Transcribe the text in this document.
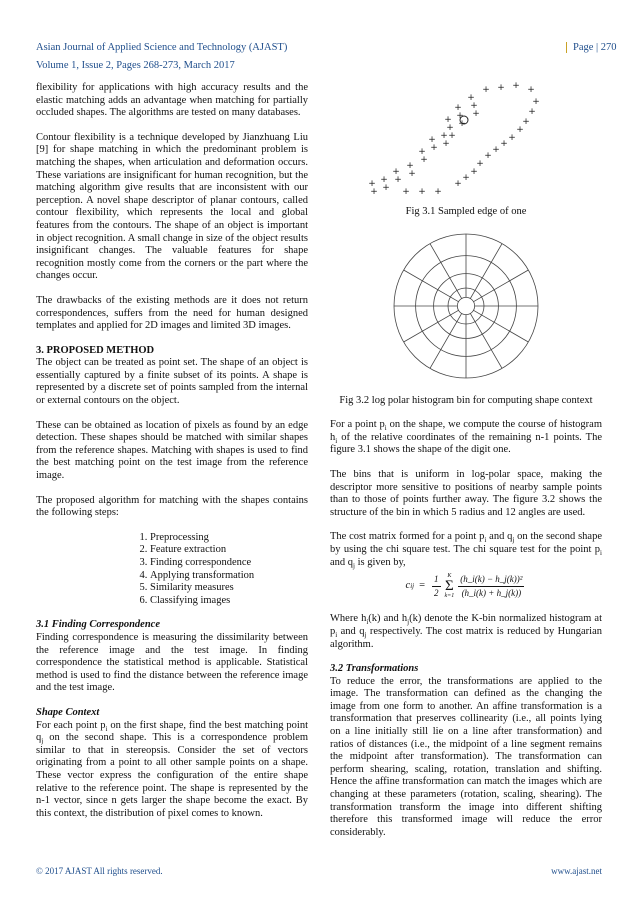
Asian Journal of Applied Science and Technology (AJAST)
Volume 1, Issue 2, Pages 268-273, March 2017
Page | 270

flexibility for applications with high accuracy results and the elastic matching adds an advantage when matching for partially occluded shapes. The algorithms are tested on many databases.

Contour flexibility is a technique developed by Jianzhuang Liu [9] for shape matching in which the predominant problem is matching the shapes, when articulation and deformation occurs. These variations are insignificant for human recognition, but the matching algorithm give results that are inconsistent with our perception. A novel shape descriptor of planar contours, called contour flexibility, which represents the local and global features from the contours. The shape of an object is important in object recognition. A small change in size of the object results insignificant changes. The valuable features for shape recognition mostly come from the corners or the part where the changes occur.

The drawbacks of the existing methods are it does not return correspondences, suffers from the need for human designed templates and applied for 2D images and limited 3D images.

3. PROPOSED METHOD

The object can be treated as point set. The shape of an object is essentially captured by a finite subset of its points. A shape is represented by a discrete set of points sampled from the internal or external contours on the object.

These can be obtained as location of pixels as found by an edge detection. These shapes should be matched with similar shapes from the reference shapes. Matching with shapes is used to find the best matching point on the test image from the reference image.

The proposed algorithm for matching with the shapes contains the following steps:

1. Preprocessing
2. Feature extraction
3. Finding correspondence
4. Applying transformation
5. Similarity measures
6. Classifying images

3.1 Finding Correspondence

Finding correspondence is measuring the dissimilarity between the reference image and the test image. In finding correspondence the statistical method is applicable. Statistical method is used to find the distance between the reference image and the test image.

Shape Context

For each point $p_i$ on the first shape, find the best matching point $q_j$ on the second shape. This is a correspondence problem similar to that in stereopsis. Consider the set of vectors originating from a point to all other sample points on a shape. These vector express the configuration of the entire shape relative to the reference point. The shape is represented by the n-1 vector, since n gets larger the shape become the exact. By this context, the distribution of pixel comes to known.

+ + + +
+
+
+
+
+
+
+
+
+
+
+
+
+
+
+
+
+
+
+
+
+
+
+	+
+
+
+
+
+
+
+
+
+
+
+	+ + +

Fig 3.1 Sampled edge of one

Fig 3.2 log polar histogram bin for computing shape context

For a point $p_i$ on the shape, we compute the course of histogram $h_i$ of the relative coordinates of the remaining n-1 points. The figure 3.1 shows the shape of the digit one.

The bins that is uniform in log-polar space, making the descriptor more sensitive to positions of nearby sample points than to those of points further away. The figure 3.2 shows the structure of the bin in which 5 radius and 12 angles are used.

The cost matrix formed for a point $p_i$ and $q_j$ on the second shape by using the chi square test. The chi square test for the point $p_i$ and $q_j$ is given by,

c ij = $\frac{1}{2}$ K
Σ
$k=1 \frac{\text{(h\_i(k) − h\_j(k))²}}{(h\_i(k) + h\_j(k))}$

Where $h_i(k)$ and $h_j(k)$ denote the K-bin normalized histogram at $p_i$ and $q_j$ respectively. The cost matrix is reduced by Hungarian algorithm.

3.2 Transformations

To reduce the error, the transformations are applied to the image. The transformation can defined as the changing the image from one form to another. An affine transformation is a transformation that preserves collinearity (i.e., all points lying on a line initially still lie on a line after transformation) and ratios of distances (i.e., the midpoint of a line segment remains the midpoint after transformation). The transformation can perform shearing, scaling, rotation, translation and shifting. Hence the affine transformation can match the images which are changing at these parameters (rotation, scaling, shearing). The transformation transform the image into different shifting therefore this transformed image will reduce the error considerably.

© 2017 AJAST All rights reserved.	www.ajast.net
